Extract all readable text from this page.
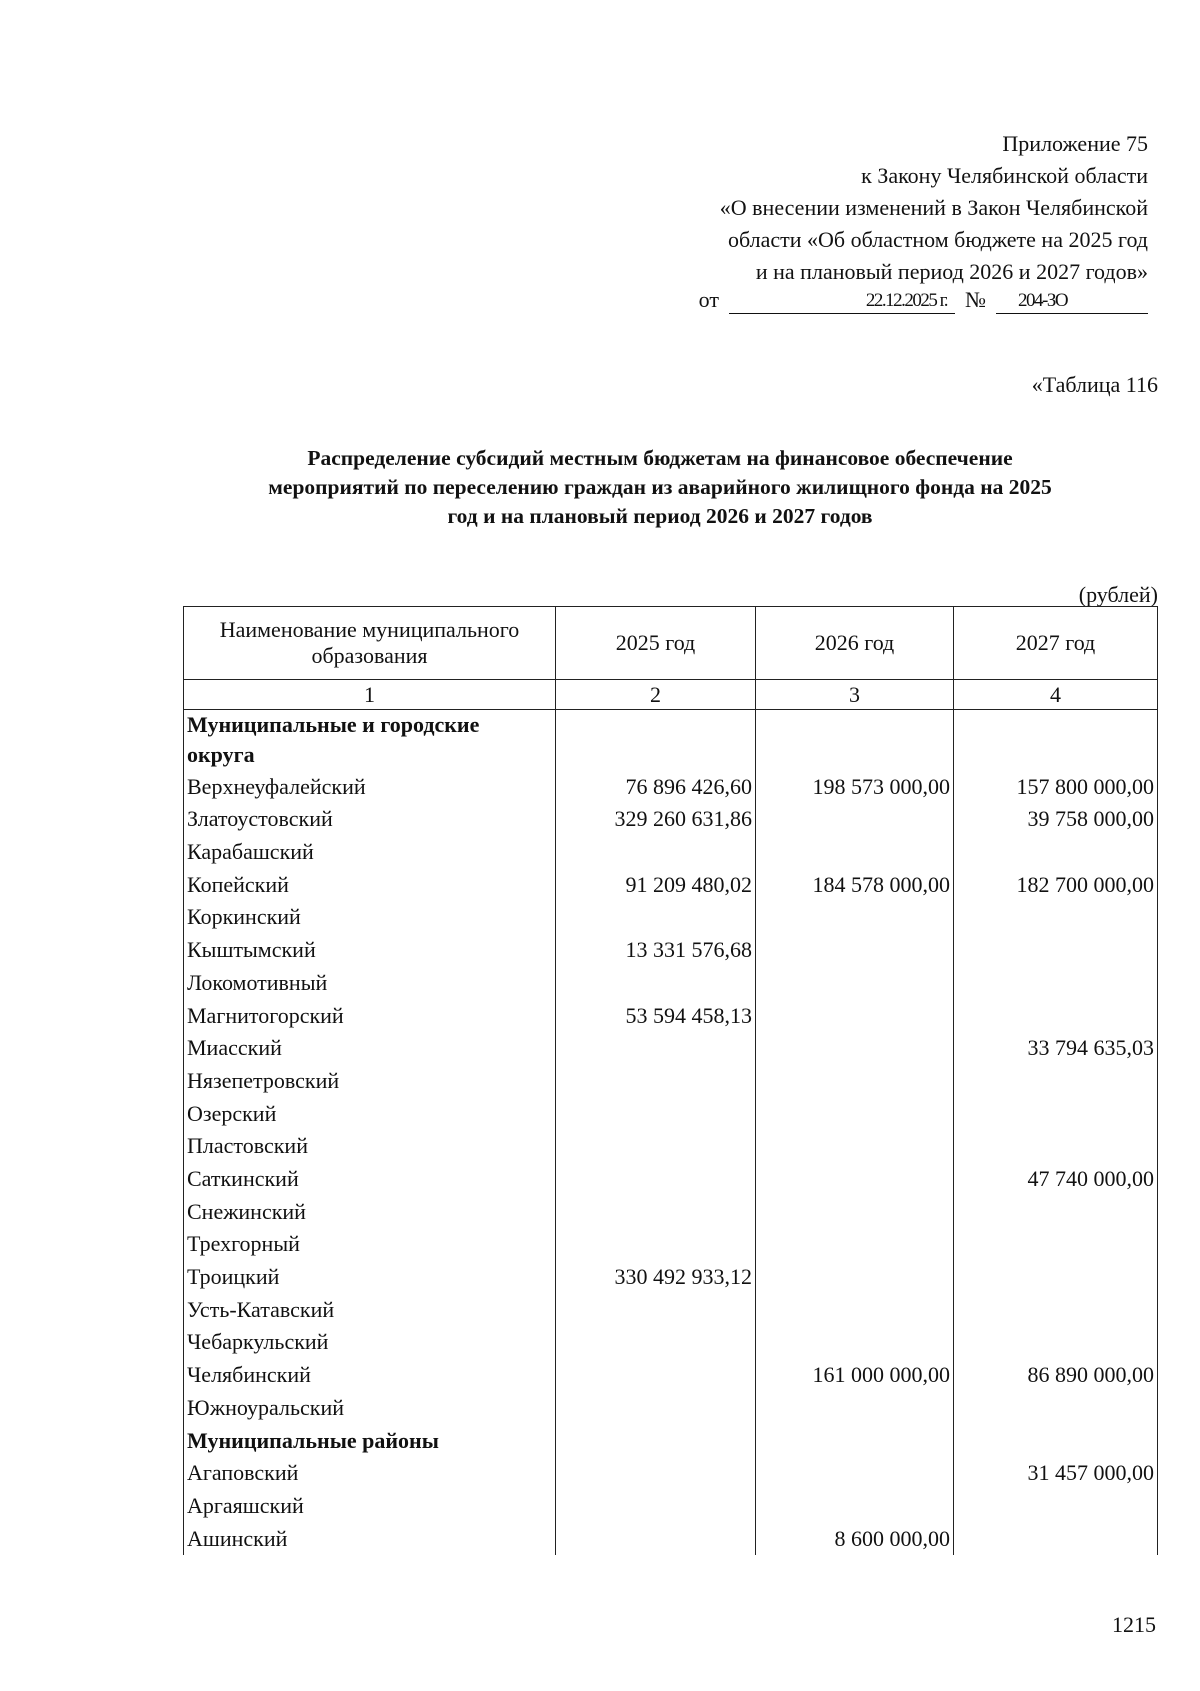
Приложение 75
к Закону Челябинской области
«О внесении изменений в Закон Челябинской
области «Об областном бюджете на 2025 год
и на плановый период 2026 и 2027 годов»
от	22.12.2025 г. №	204-ЗО
«Таблица 116
Распределение субсидий местным бюджетам на финансовое обеспечение
мероприятий по переселению граждан из аварийного жилищного фонда на 2025
год и на плановый период 2026 и 2027 годов
(рублей)
Наименование муниципального образования	2025 год	2026 год	2027 год
1	2	3	4
Муниципальные и городские округа			
Верхнеуфалейский	76 896 426,60	198 573 000,00	157 800 000,00
Златоустовский	329 260 631,86		39 758 000,00
Карабашский			
Копейский	91 209 480,02	184 578 000,00	182 700 000,00
Коркинский			
Кыштымский	13 331 576,68		
Локомотивный			
Магнитогорский	53 594 458,13		
Миасский			33 794 635,03
Нязепетровский			
Озерский			
Пластовский			
Саткинский			47 740 000,00
Снежинский			
Трехгорный			
Троицкий	330 492 933,12		
Усть-Катавский			
Чебаркульский			
Челябинский		161 000 000,00	86 890 000,00
Южноуральский			
Муниципальные районы			
Агаповский			31 457 000,00
Аргаяшский			
Ашинский		8 600 000,00	
1215
